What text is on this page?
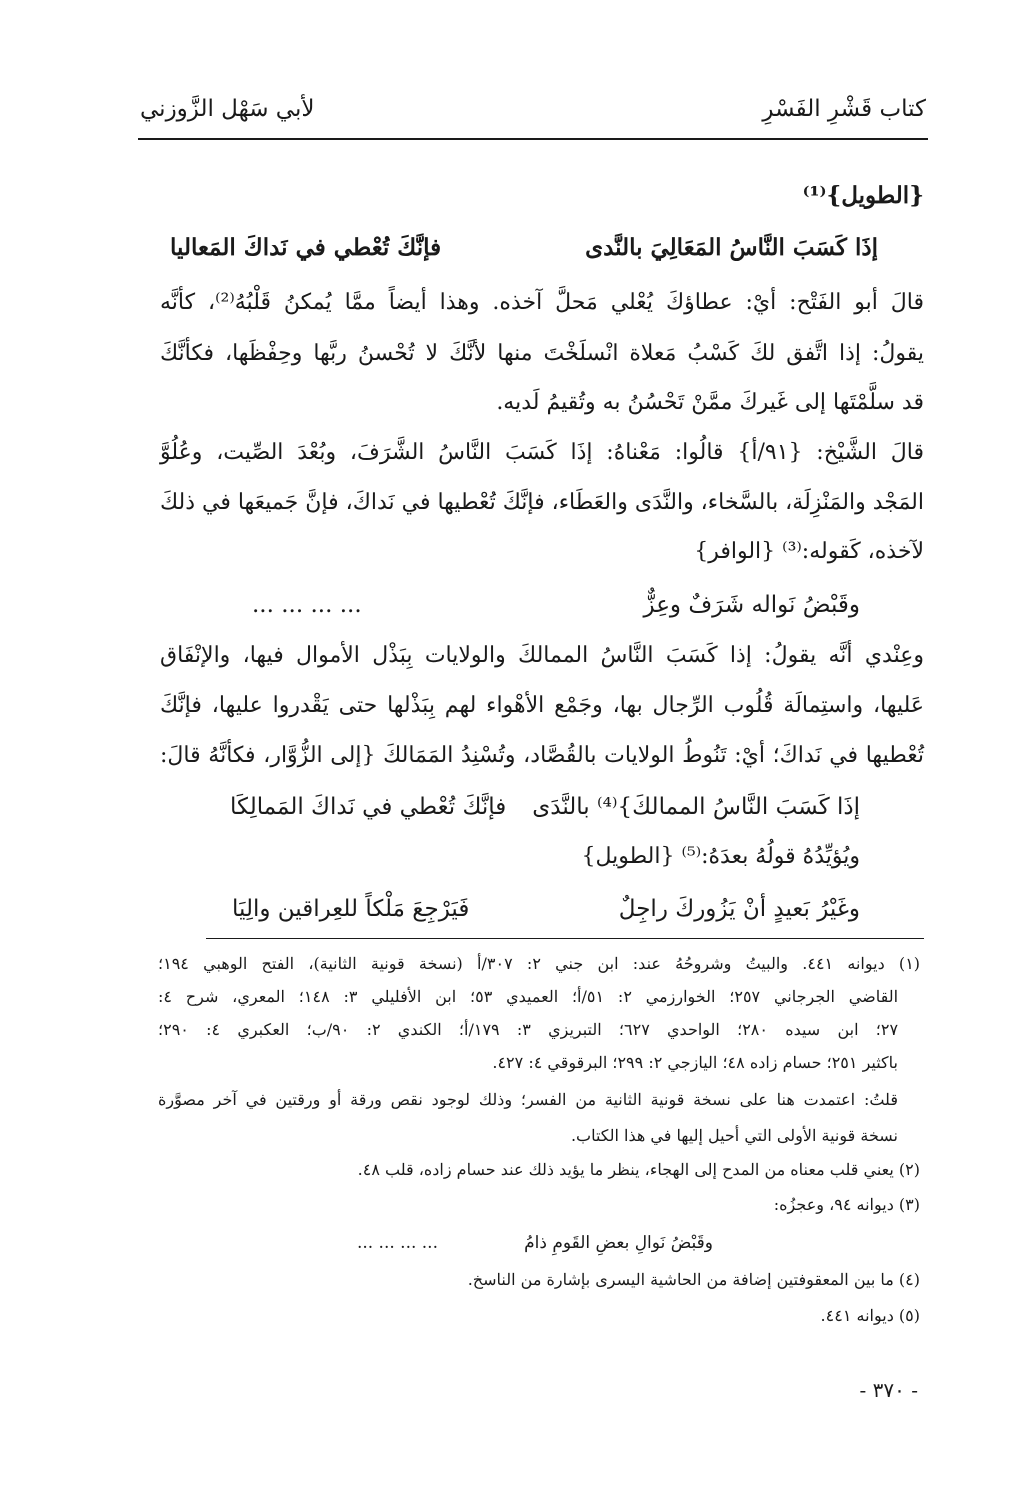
كتاب قَشْرِ الفَسْرِ
لأبي سَهْل الزَّوزني
{الطويل}⁽¹⁾
إذَا كَسَبَ النَّاسُ المَعَالِيَ بالنَّدى
فإنَّكَ تُعْطي في نَداكَ المَعاليا
قالَ أبو الفَتْح: أيْ: عطاؤكَ يُعْلي مَحلَّ آخذه. وهذا أيضاً ممَّا يُمكنُ قَلْبُهُ⁽²⁾، كأنَّه
يقولُ: إذا اتَّفق لكَ كَسْبُ مَعلاة انْسلَخْتَ منها لأنَّكَ لا تُحْسنُ ربَّها وحِفْظَها، فكأنَّكَ
قد سلَّمْتَها إلى غَيركَ ممَّنْ تَحْسُنُ به وتُقيمُ لَديه.
قالَ الشَّيْخ: {٩١/أ} قالُوا: مَعْناهُ: إذَا كَسَبَ النَّاسُ الشَّرَفَ، وبُعْدَ الصِّيت، وعُلُوَّ
المَجْد والمَنْزِلَة، بالسَّخاء، والنَّدَى والعَطَاء، فإنَّكَ تُعْطيها في نَداكَ، فإنَّ جَميعَها في ذلكَ
لآخذه، كَقوله:⁽³⁾ {الوافر}
وقَبْضُ نَواله شَرَفٌ وعِزٌّ
... ... ... ...
وعِنْدي أنَّه يقولُ: إذا كَسَبَ النَّاسُ الممالكَ والولايات بِبَذْل الأموال فيها، والإنْفَاق
عَليها، واستِمالَة قُلُوب الرِّجال بها، وجَمْع الأهْواء لهم بِبَذْلها حتى يَقْدروا عليها، فإنَّكَ
تُعْطيها في نَداكَ؛ أيْ: تَنُوطُ الولايات بالقُصَّاد، وتُسْنِدُ المَمَالكَ {إلى الزُّوَّار، فكأنَّهُ قالَ:
إذَا كَسَبَ النَّاسُ الممالكَ}⁽⁴⁾ بالنَّدَى
فإنَّكَ تُعْطي في نَداكَ المَمالِكَا
ويُؤيِّدُهُ قولُهُ بعدَهُ:⁽⁵⁾ {الطويل}
وغَيْرُ بَعيدٍ أنْ يَزُوركَ راجِلٌ
فَيَرْجِعَ مَلْكاً للعِراقين والِيَا
(١) ديوانه ٤٤١. والبيتُ وشروحُهُ عند: ابن جني ٢: ٣٠٧/أ (نسخة قونية الثانية)، الفتح الوهبي ١٩٤؛
القاضي الجرجاني ٢٥٧؛ الخوارزمي ٢: ٥١/أ؛ العميدي ٥٣؛ ابن الأفليلي ٣: ١٤٨؛ المعري، شرح ٤:
٢٧؛ ابن سيده ٢٨٠؛ الواحدي ٦٢٧؛ التبريزي ٣: ١٧٩/أ؛ الكندي ٢: ٩٠/ب؛ العكبري ٤: ٢٩٠؛
باكثير ٢٥١؛ حسام زاده ٤٨؛ اليازجي ٢: ٢٩٩؛ البرقوقي ٤: ٤٢٧.
قلتُ: اعتمدت هنا على نسخة قونية الثانية من الفسر؛ وذلك لوجود نقص ورقة أو ورقتين في آخر مصوَّرة
نسخة قونية الأولى التي أحيل إليها في هذا الكتاب.
(٢) يعني قلب معناه من المدح إلى الهجاء، ينظر ما يؤيد ذلك عند حسام زاده، قلب ٤٨.
(٣) ديوانه ٩٤، وعجزُه:
وقَبْضُ نَوالِ بعضِ القَومِ ذامُ
... ... ... ...
(٤) ما بين المعقوفتين إضافة من الحاشية اليسرى بإشارة من الناسخ.
(٥) ديوانه ٤٤١.
- ٣٧٠ -
